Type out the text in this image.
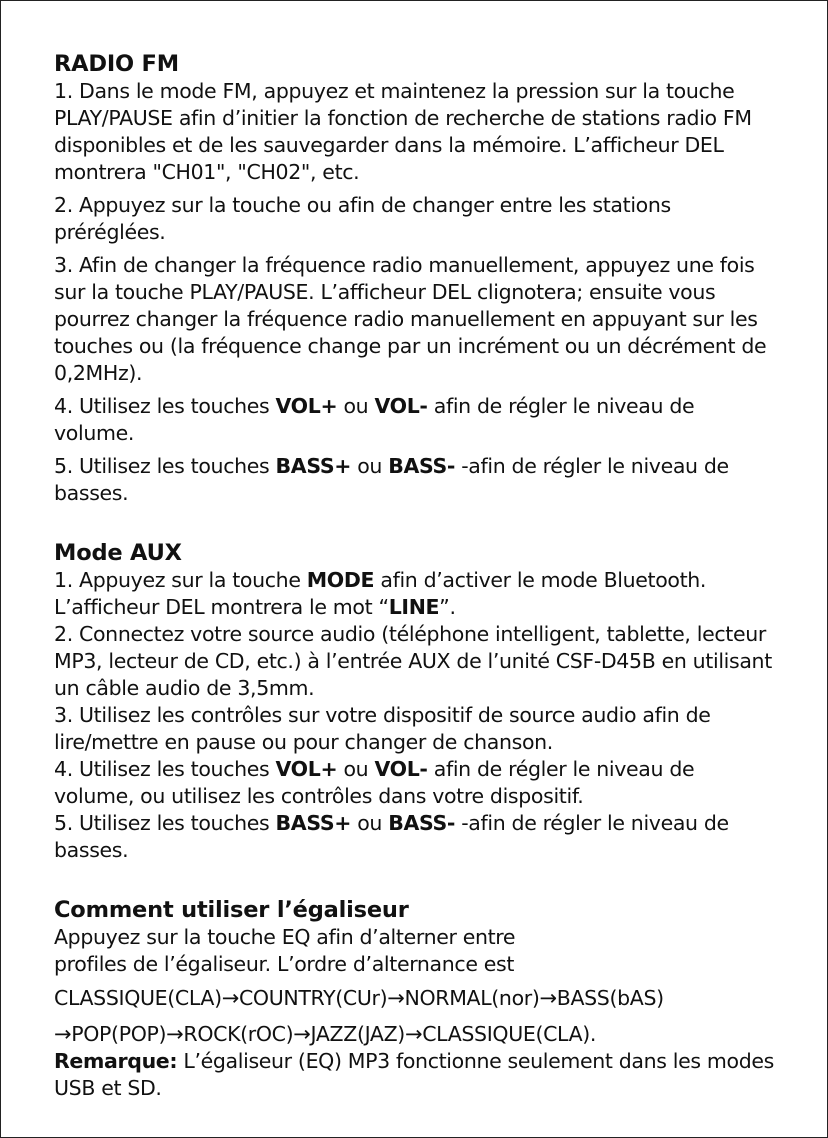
RADIO FM

1. Dans le mode FM, appuyez et maintenez la pression sur la touche PLAY/PAUSE afin d’initier la fonction de recherche de stations radio FM disponibles et de les sauvegarder dans la mémoire. L’afficheur DEL montrera "CH01", "CH02", etc.

2. Appuyez sur la touche ou afin de changer entre les stations préréglées.

3. Afin de changer la fréquence radio manuellement, appuyez une fois sur la touche PLAY/PAUSE. L’afficheur DEL clignotera; ensuite vous pourrez changer la fréquence radio manuellement en appuyant sur les touches ou (la fréquence change par un incrément ou un décrément de 0,2MHz).

4. Utilisez les touches VOL+ ou VOL- afin de régler le niveau de volume.

5. Utilisez les touches BASS+ ou BASS- -afin de régler le niveau de basses.

Mode AUX

1. Appuyez sur la touche MODE afin d’activer le mode Bluetooth. L’afficheur DEL montrera le mot “LINE”.

2. Connectez votre source audio (téléphone intelligent, tablette, lecteur MP3, lecteur de CD, etc.) à l’entrée AUX de l’unité CSF-D45B en utilisant un câble audio de 3,5mm.

3. Utilisez les contrôles sur votre dispositif de source audio afin de lire/mettre en pause ou pour changer de chanson.

4. Utilisez les touches VOL+ ou VOL- afin de régler le niveau de volume, ou utilisez les contrôles dans votre dispositif.

5. Utilisez les touches BASS+ ou BASS- -afin de régler le niveau de basses.

Comment utiliser l’égaliseur

Appuyez sur la touche EQ afin d’alterner entre

profiles de l’égaliseur. L’ordre d’alternance est

CLASSIQUE(CLA)→COUNTRY(CUr)→NORMAL(nor)→BASS(bAS)

→POP(POP)→ROCK(rOC)→JAZZ(JAZ)→CLASSIQUE(CLA).

Remarque: L’égaliseur (EQ) MP3 fonctionne seulement dans les modes USB et SD.
